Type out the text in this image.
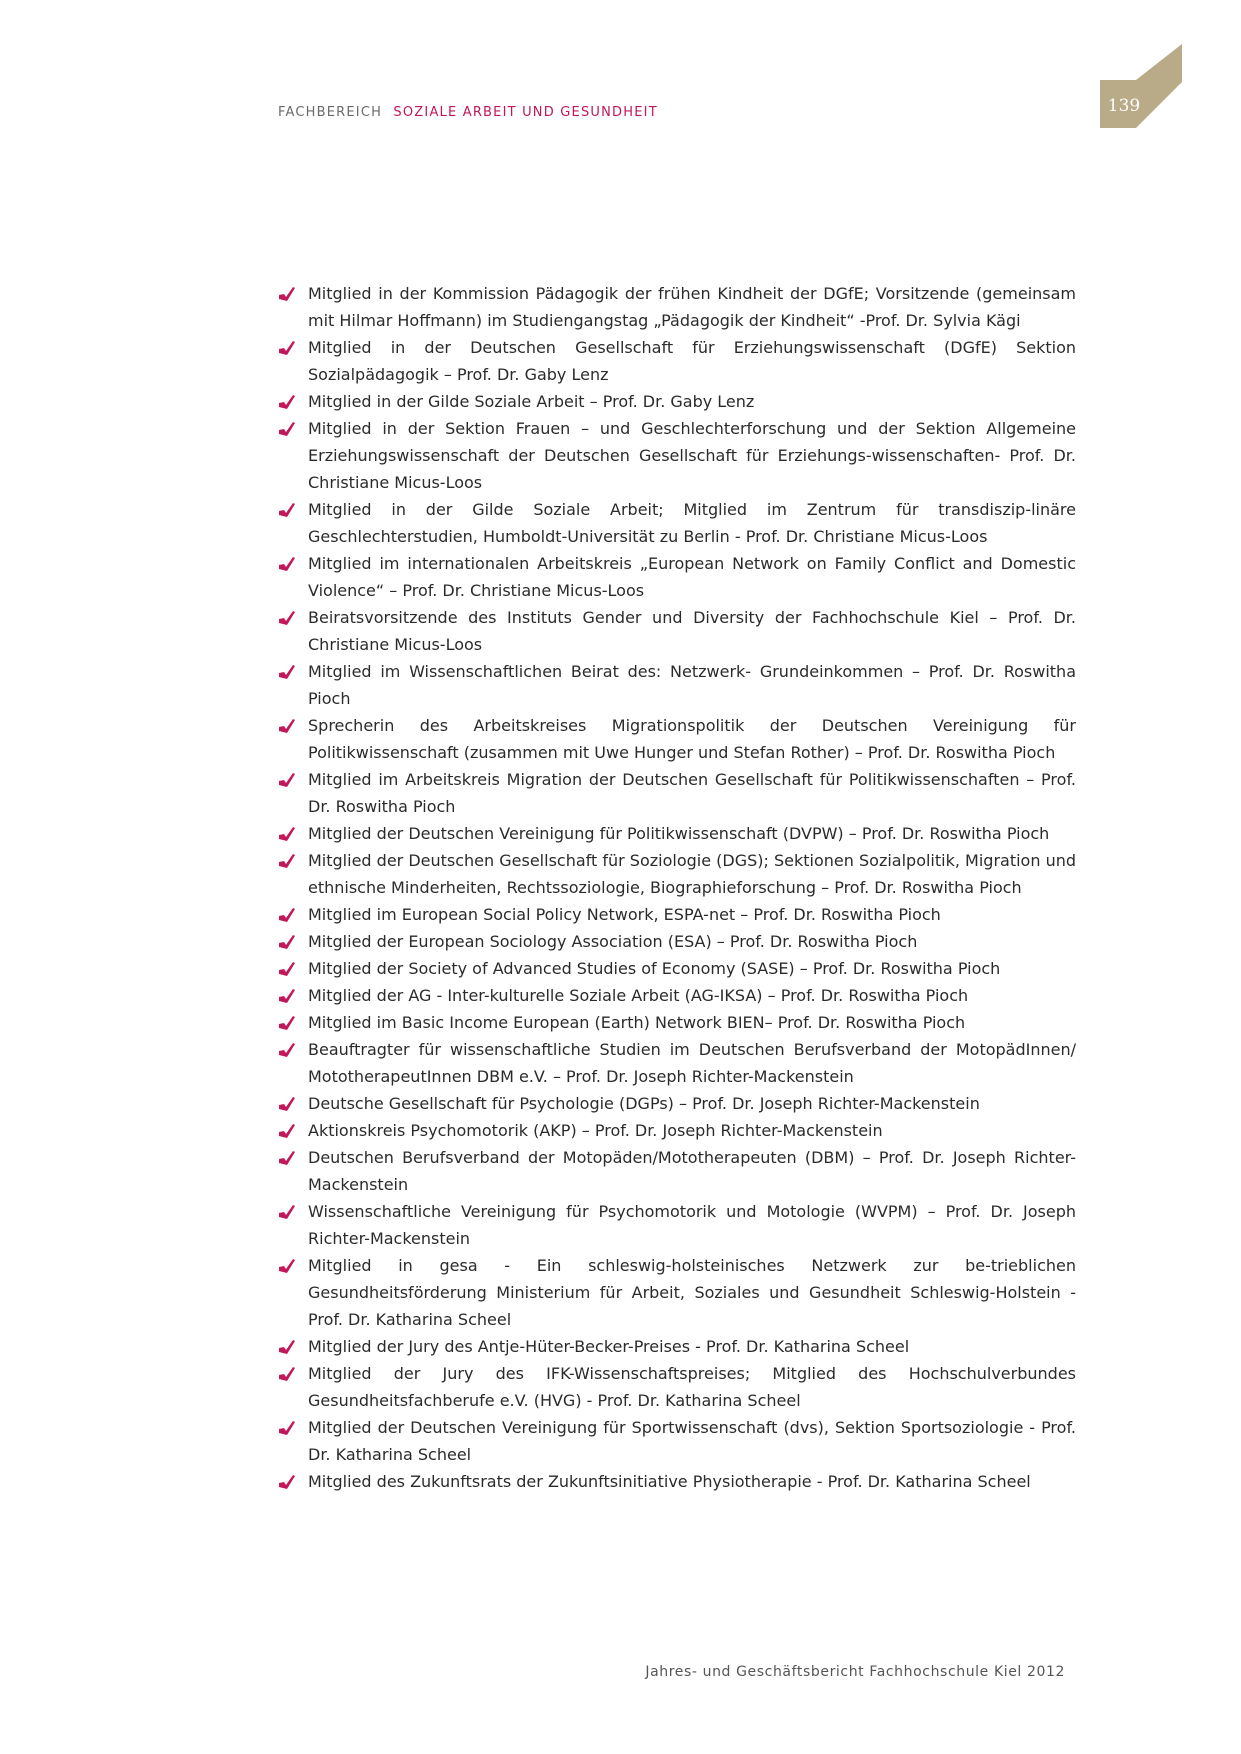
FACHBEREICH SOZIALE ARBEIT UND GESUNDHEIT	139
Mitglied in der Kommission Pädagogik der frühen Kindheit der DGfE; Vorsitzende (gemeinsam mit Hilmar Hoffmann) im Studiengangstag „Pädagogik der Kindheit“ -Prof. Dr. Sylvia Kägi
Mitglied in der Deutschen Gesellschaft für Erziehungswissenschaft (DGfE) Sektion Sozialpädagogik – Prof. Dr. Gaby Lenz
Mitglied in der Gilde Soziale Arbeit – Prof. Dr. Gaby Lenz
Mitglied in der Sektion Frauen – und Geschlechterforschung und der Sektion Allgemeine Erziehungswissenschaft der Deutschen Gesellschaft für Erziehungs-wissenschaften- Prof. Dr. Christiane Micus-Loos
Mitglied in der Gilde Soziale Arbeit; Mitglied im Zentrum für transdiszip-linäre Geschlechterstudien, Humboldt-Universität zu Berlin - Prof. Dr. Christiane Micus-Loos
Mitglied im internationalen Arbeitskreis „European Network on Family Conflict and Domestic Violence“ – Prof. Dr. Christiane Micus-Loos
Beiratsvorsitzende des Instituts Gender und Diversity der Fachhochschule Kiel – Prof. Dr. Christiane Micus-Loos
Mitglied im Wissenschaftlichen Beirat des: Netzwerk- Grundeinkommen – Prof. Dr. Roswitha Pioch
Sprecherin des Arbeitskreises Migrationspolitik der Deutschen Vereinigung für Politikwissenschaft (zusammen mit Uwe Hunger und Stefan Rother) – Prof. Dr. Roswitha Pioch
Mitglied im Arbeitskreis Migration der Deutschen Gesellschaft für Politikwissenschaften – Prof. Dr. Roswitha Pioch
Mitglied der Deutschen Vereinigung für Politikwissenschaft (DVPW) – Prof. Dr. Roswitha Pioch
Mitglied der Deutschen Gesellschaft für Soziologie (DGS); Sektionen Sozialpolitik, Migration und ethnische Minderheiten, Rechtssoziologie, Biographieforschung – Prof. Dr. Roswitha Pioch
Mitglied im European Social Policy Network, ESPA-net – Prof. Dr. Roswitha Pioch
Mitglied der European Sociology Association (ESA) – Prof. Dr. Roswitha Pioch
Mitglied der Society of Advanced Studies of Economy (SASE) – Prof. Dr. Roswitha Pioch
Mitglied der AG - Inter-kulturelle Soziale Arbeit (AG-IKSA) – Prof. Dr. Roswitha Pioch
Mitglied im Basic Income European (Earth) Network BIEN– Prof. Dr. Roswitha Pioch
Beauftragter für wissenschaftliche Studien im Deutschen Berufsverband der MotopädInnen/ MototherapeutInnen DBM e.V. – Prof. Dr. Joseph Richter-Mackenstein
Deutsche Gesellschaft für Psychologie (DGPs) – Prof. Dr. Joseph Richter-Mackenstein
Aktionskreis Psychomotorik (AKP) – Prof. Dr. Joseph Richter-Mackenstein
Deutschen Berufsverband der Motopäden/Mototherapeuten (DBM) – Prof. Dr. Joseph Richter-Mackenstein
Wissenschaftliche Vereinigung für Psychomotorik und Motologie (WVPM) – Prof. Dr. Joseph Richter-Mackenstein
Mitglied in gesa - Ein schleswig-holsteinisches Netzwerk zur be-trieblichen Gesundheitsförderung Ministerium für Arbeit, Soziales und Gesundheit Schleswig-Holstein - Prof. Dr. Katharina Scheel
Mitglied der Jury des Antje-Hüter-Becker-Preises - Prof. Dr. Katharina Scheel
Mitglied der Jury des IFK-Wissenschaftspreises; Mitglied des Hochschulverbundes Gesundheitsfachberufe e.V. (HVG) - Prof. Dr. Katharina Scheel
Mitglied der Deutschen Vereinigung für Sportwissenschaft (dvs), Sektion Sportsoziologie - Prof. Dr. Katharina Scheel
Mitglied des Zukunftsrats der Zukunftsinitiative Physiotherapie - Prof. Dr. Katharina Scheel
Jahres- und Geschäftsbericht Fachhochschule Kiel 2012
